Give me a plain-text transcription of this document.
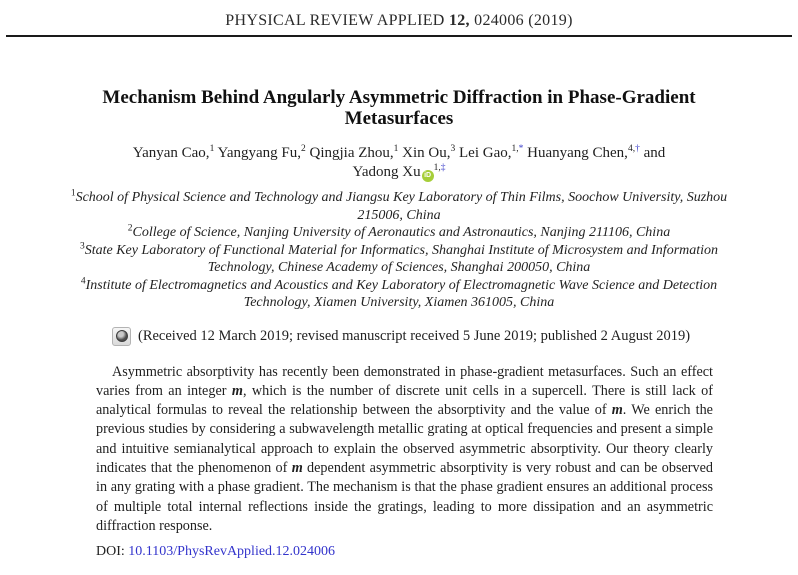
PHYSICAL REVIEW APPLIED 12, 024006 (2019)
Mechanism Behind Angularly Asymmetric Diffraction in Phase-Gradient
Metasurfaces
Yanyan Cao,$^1$ Yangyang Fu,$^2$ Qingjia Zhou,$^1$ Xin Ou,$^3$ Lei Gao,$^{1,*}$ Huanyang Chen,$^{4,\dagger}$ and
Yadong Xu $iD^{1,\ddagger}$

$^1$School of Physical Science and Technology and Jiangsu Key Laboratory of Thin Films, Soochow University, Suzhou 215006, China

$^2$College of Science, Nanjing University of Aeronautics and Astronautics, Nanjing 211106, China

$^3$State Key Laboratory of Functional Material for Informatics, Shanghai Institute of Microsystem and Information Technology, Chinese Academy of Sciences, Shanghai 200050, China

$^4$Institute of Electromagnetics and Acoustics and Key Laboratory of Electromagnetic Wave Science and Detection Technology, Xiamen University, Xiamen 361005, China

(Received 12 March 2019; revised manuscript received 5 June 2019; published 2 August 2019)

Asymmetric absorptivity has recently been demonstrated in phase-gradient metasurfaces. Such an effect varies from an integer m, which is the number of discrete unit cells in a supercell. There is still lack of analytical formulas to reveal the relationship between the absorptivity and the value of m. We enrich the previous studies by considering a subwavelength metallic grating at optical frequencies and present a simple and intuitive semianalytical approach to explain the observed asymmetric absorptivity. Our theory clearly indicates that the phenomenon of m dependent asymmetric absorptivity is very robust and can be observed in any grating with a phase gradient. The mechanism is that the phase gradient ensures an additional process of multiple total internal reflections inside the gratings, leading to more dissipation and an asymmetric diffraction response.

DOI: 10.1103/PhysRevApplied.12.024006
